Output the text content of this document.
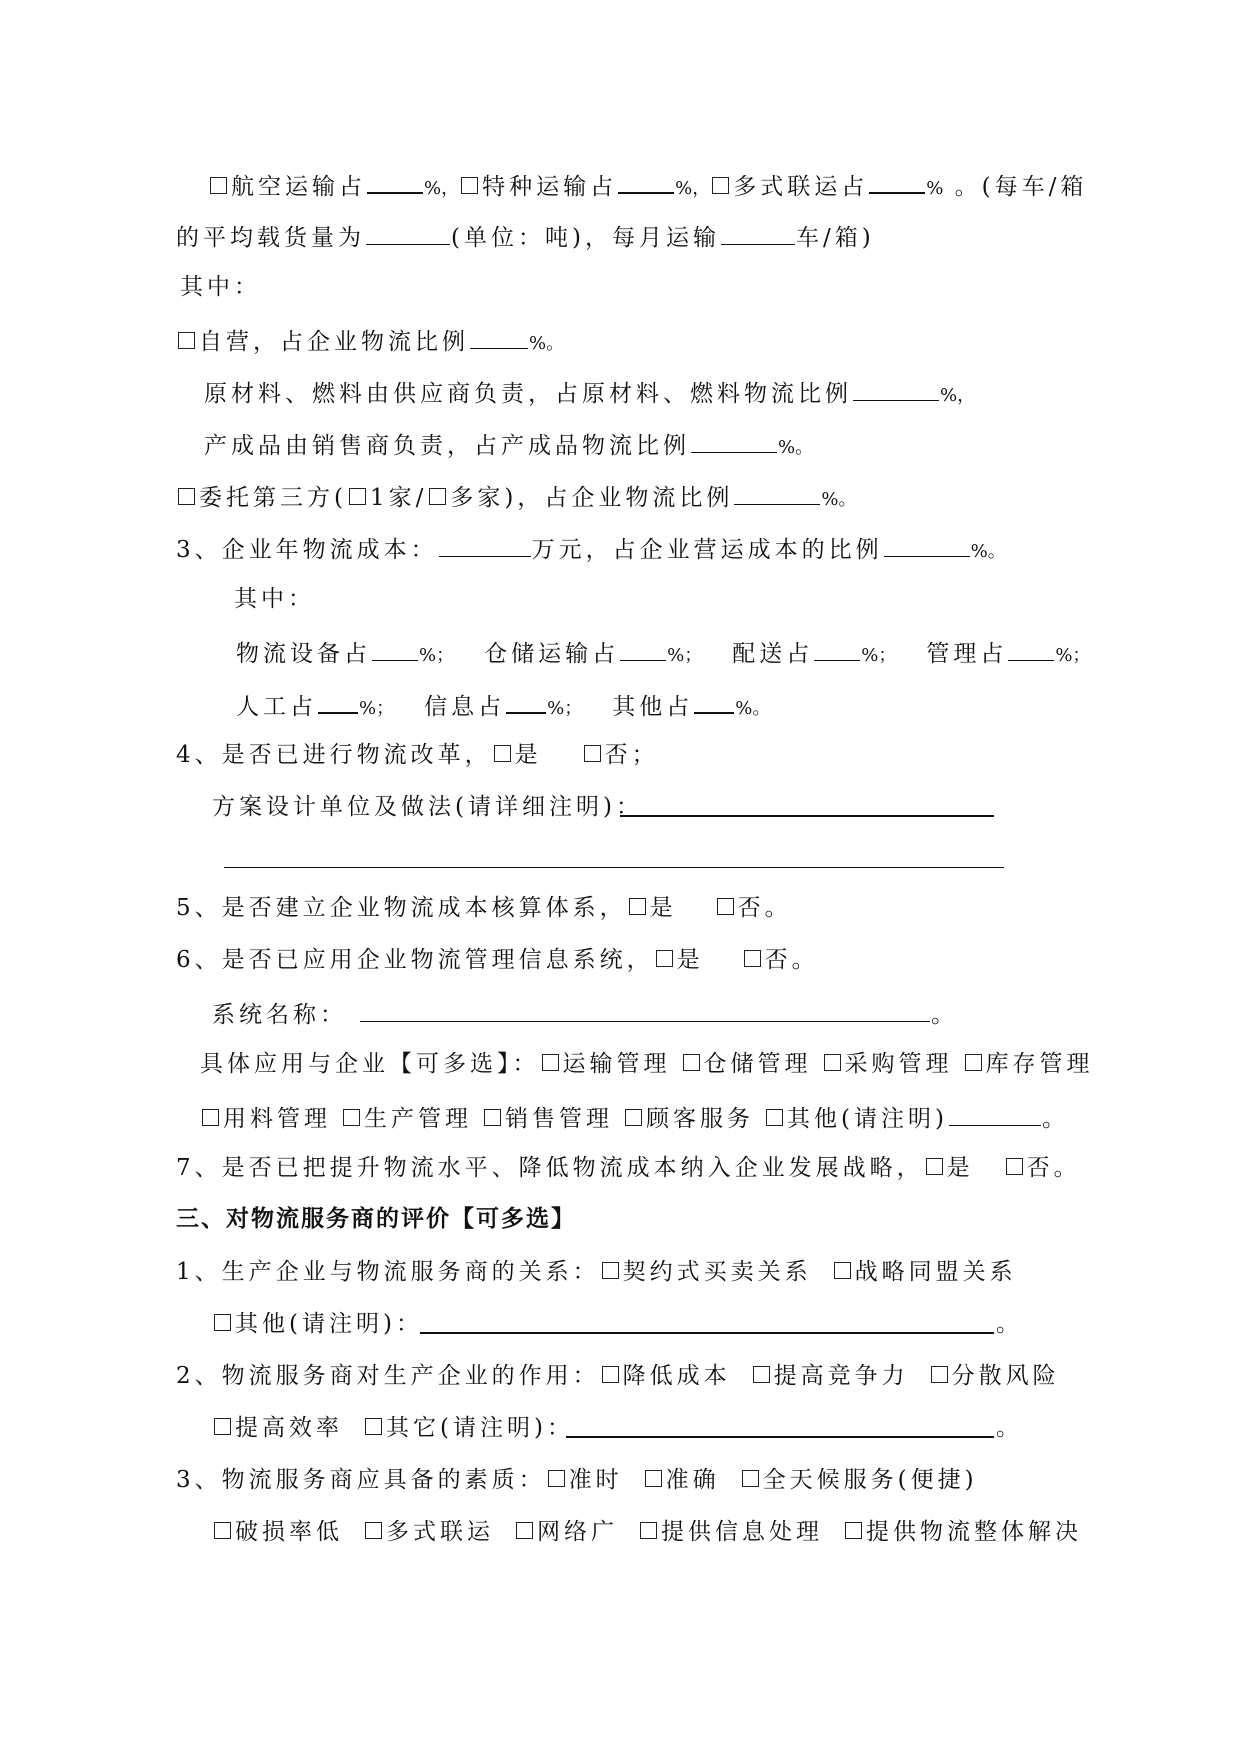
航空运输占	%， 特种运输占	%， 多式联运占	% 。(每车/箱
的平均载货量为	(单位：吨)，每月运输	车/箱)
其中：
自营，占企业物流比例	%。
原材料、燃料由供应商负责，占原材料、燃料物流比例	%，
产成品由销售商负责，占产成品物流比例	%。
委托第三方( 1家/ 多家)，占企业物流比例	%。
3、企业年物流成本：	万元，占企业营运成本的比例	%。
其中：
物流设备占	%； 仓储运输占	%； 配送占	%； 管理占	%；
人工占 %； 信息占 %； 其他占 %。
4、是否已进行物流改革， 是	否；
方案设计单位及做法(请详细注明)：
5、是否建立企业物流成本核算体系， 是	否。
6、是否已应用企业物流管理信息系统， 是	否。
系统名称：	。
具体应用与企业【可多选】： 运输管理 仓储管理 采购管理 库存管理
用料管理 生产管理 销售管理 顾客服务 其他(请注明)	。
7、是否已把提升物流水平、降低物流成本纳入企业发展战略， 是 否。
三、对物流服务商的评价【可多选】
1、生产企业与物流服务商的关系： 契约式买卖关系 战略同盟关系
其他(请注明)：	。
2、物流服务商对生产企业的作用： 降低成本 提高竞争力 分散风险
提高效率 其它(请注明)：	。
3、物流服务商应具备的素质： 准时 准确 全天候服务(便捷)
破损率低 多式联运 网络广 提供信息处理 提供物流整体解决
